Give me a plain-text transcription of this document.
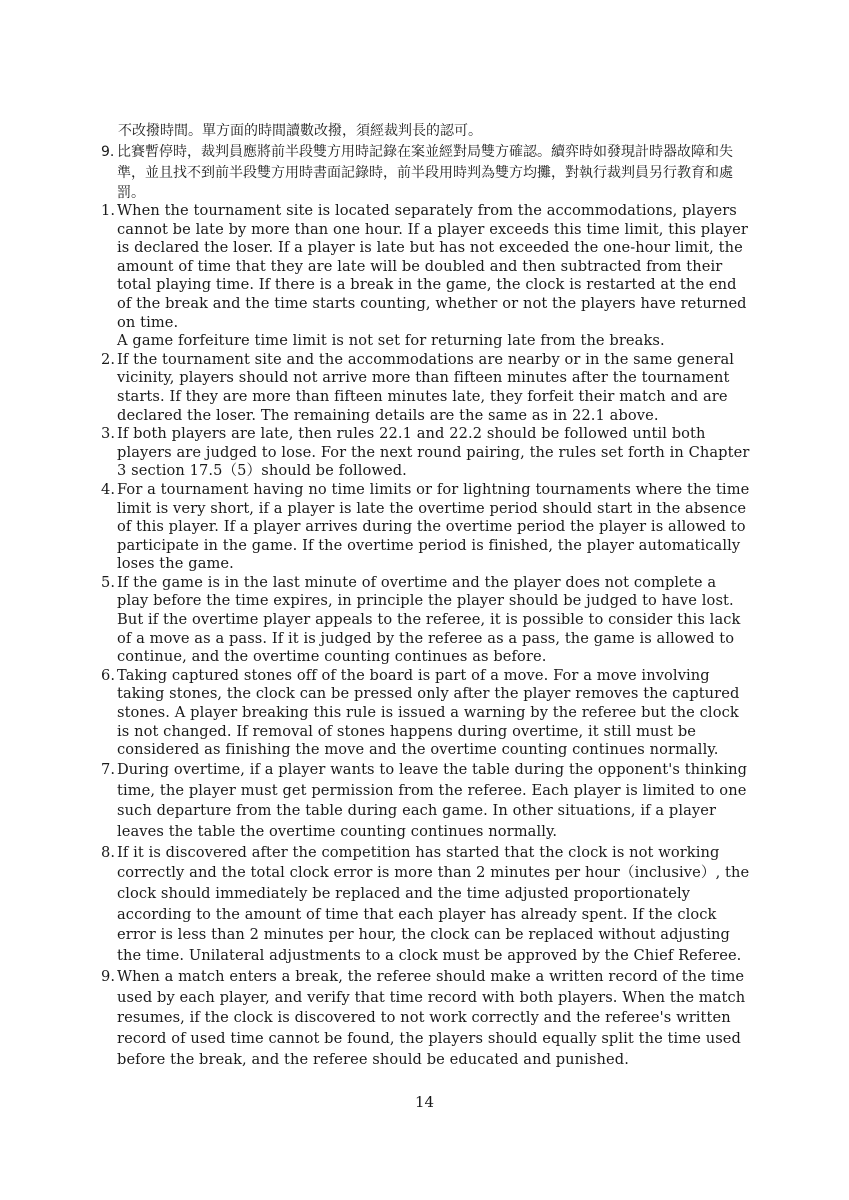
不改撥時間。單方面的時間讀數改撥，須經裁判長的認可。
9. 比賽暫停時，裁判員應將前半段雙方用時記錄在案並經對局雙方確認。續弈時如發現計時器故障和失準，並且找不到前半段雙方用時書面記錄時，前半段用時判為雙方均攤，對執行裁判員另行教育和處罰。
1. When the tournament site is located separately from the accommodations, players cannot be late by more than one hour. If a player exceeds this time limit, this player is declared the loser. If a player is late but has not exceeded the one-hour limit, the amount of time that they are late will be doubled and then subtracted from their total playing time. If there is a break in the game, the clock is restarted at the end of the break and the time starts counting, whether or not the players have returned on time.

A game forfeiture time limit is not set for returning late from the breaks.

2. If the tournament site and the accommodations are nearby or in the same general vicinity, players should not arrive more than fifteen minutes after the tournament starts. If they are more than fifteen minutes late, they forfeit their match and are declared the loser. The remaining details are the same as in 22.1 above.

3. If both players are late, then rules 22.1 and 22.2 should be followed until both players are judged to lose. For the next round pairing, the rules set forth in Chapter 3 section 17.5（5）should be followed.

4. For a tournament having no time limits or for lightning tournaments where the time limit is very short, if a player is late the overtime period should start in the absence of this player. If a player arrives during the overtime period the player is allowed to participate in the game. If the overtime period is finished, the player automatically loses the game.

5. If the game is in the last minute of overtime and the player does not complete a play before the time expires, in principle the player should be judged to have lost. But if the overtime player appeals to the referee, it is possible to consider this lack of a move as a pass. If it is judged by the referee as a pass, the game is allowed to continue, and the overtime counting continues as before.

6. Taking captured stones off of the board is part of a move. For a move involving taking stones, the clock can be pressed only after the player removes the captured stones. A player breaking this rule is issued a warning by the referee but the clock is not changed. If removal of stones happens during overtime, it still must be considered as finishing the move and the overtime counting continues normally.

7. During overtime, if a player wants to leave the table during the opponent's thinking time, the player must get permission from the referee. Each player is limited to one such departure from the table during each game. In other situations, if a player leaves the table the overtime counting continues normally.

8. If it is discovered after the competition has started that the clock is not working correctly and the total clock error is more than 2 minutes per hour（inclusive）, the clock should immediately be replaced and the time adjusted proportionately according to the amount of time that each player has already spent. If the clock error is less than 2 minutes per hour, the clock can be replaced without adjusting the time. Unilateral adjustments to a clock must be approved by the Chief Referee.

9. When a match enters a break, the referee should make a written record of the time used by each player, and verify that time record with both players. When the match resumes, if the clock is discovered to not work correctly and the referee's written record of used time cannot be found, the players should equally split the time used before the break, and the referee should be educated and punished.

14
